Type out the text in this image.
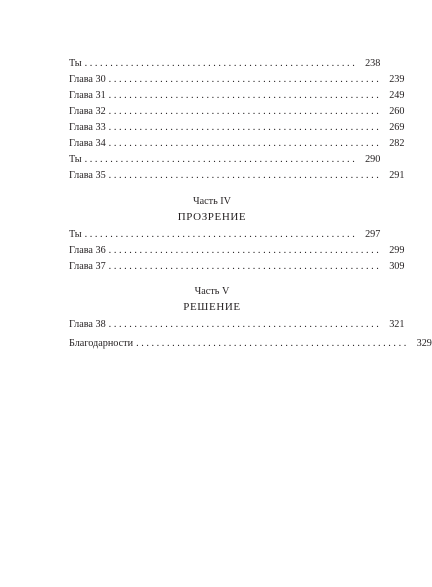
Ты ..................................................... 238
Глава 30 ..................................................... 239
Глава 31 ..................................................... 249
Глава 32 ..................................................... 260
Глава 33 ..................................................... 269
Глава 34 ..................................................... 282
Ты ..................................................... 290
Глава 35 ..................................................... 291
Часть IV
ПРОЗРЕНИЕ
Ты ..................................................... 297
Глава 36 ..................................................... 299
Глава 37 ..................................................... 309
Часть V
РЕШЕНИЕ
Глава 38 ..................................................... 321
Благодарности ..................................................... 329
